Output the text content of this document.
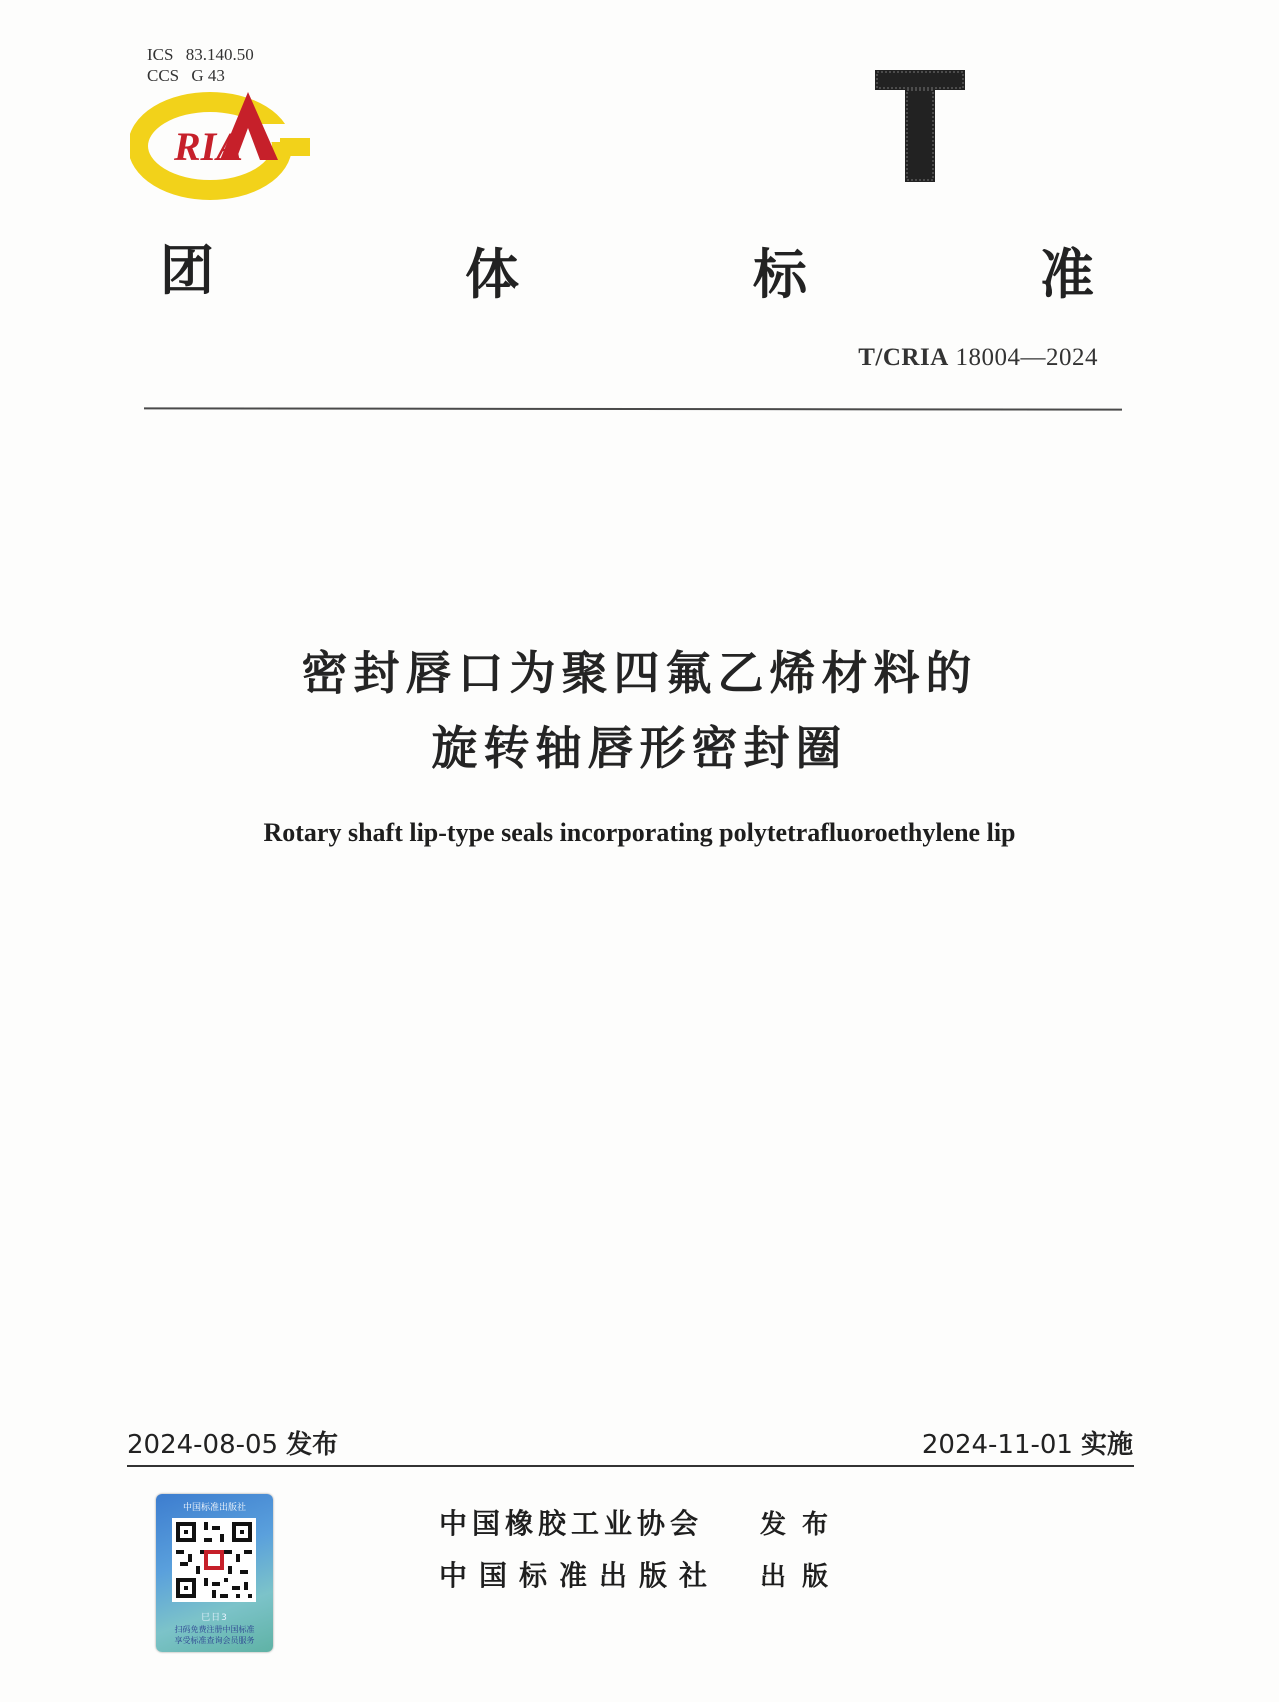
ICS 83.140.50
CCS G 43
RIA
团	体	标	准
T/CRIA 18004—2024
密封唇口为聚四氟乙烯材料的
旋转轴唇形密封圈
Rotary shaft lip-type seals incorporating polytetrafluoroethylene lip
2024-08-05 发布	2024-11-01 实施
中国标准出版社
巳日3
扫码免费注册中国标准
享受标准查询会员服务
中国橡胶工业协会 发布
中国标准出版社 出版
